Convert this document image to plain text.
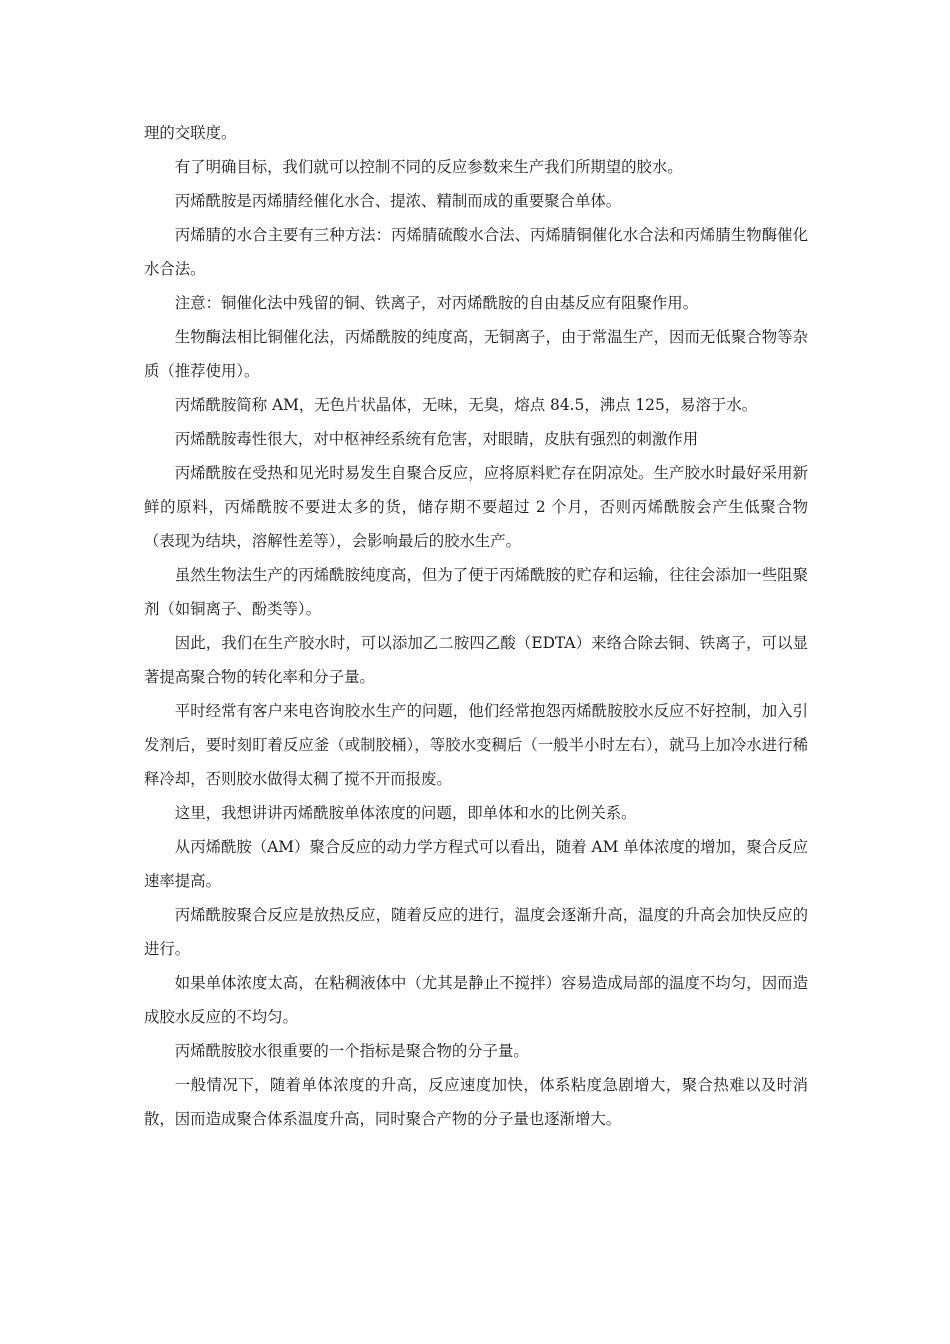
理的交联度。

有了明确目标，我们就可以控制不同的反应参数来生产我们所期望的胶水。

丙烯酰胺是丙烯腈经催化水合、提浓、精制而成的重要聚合单体。

丙烯腈的水合主要有三种方法：丙烯腈硫酸水合法、丙烯腈铜催化水合法和丙烯腈生物酶催化水合法。

注意：铜催化法中残留的铜、铁离子，对丙烯酰胺的自由基反应有阻聚作用。

生物酶法相比铜催化法，丙烯酰胺的纯度高，无铜离子，由于常温生产，因而无低聚合物等杂质（推荐使用）。

丙烯酰胺简称 AM，无色片状晶体，无味，无臭，熔点 84.5，沸点 125，易溶于水。

丙烯酰胺毒性很大，对中枢神经系统有危害，对眼睛，皮肤有强烈的刺激作用

丙烯酰胺在受热和见光时易发生自聚合反应，应将原料贮存在阴凉处。生产胶水时最好采用新鲜的原料，丙烯酰胺不要进太多的货，储存期不要超过 2 个月，否则丙烯酰胺会产生低聚合物（表现为结块，溶解性差等），会影响最后的胶水生产。

虽然生物法生产的丙烯酰胺纯度高，但为了便于丙烯酰胺的贮存和运输，往往会添加一些阻聚剂（如铜离子、酚类等）。

因此，我们在生产胶水时，可以添加乙二胺四乙酸（EDTA）来络合除去铜、铁离子，可以显著提高聚合物的转化率和分子量。

平时经常有客户来电咨询胶水生产的问题，他们经常抱怨丙烯酰胺胶水反应不好控制，加入引发剂后，要时刻盯着反应釜（或制胶桶），等胶水变稠后（一般半小时左右），就马上加冷水进行稀释冷却，否则胶水做得太稠了搅不开而报废。

这里，我想讲讲丙烯酰胺单体浓度的问题，即单体和水的比例关系。

从丙烯酰胺（AM）聚合反应的动力学方程式可以看出，随着 AM 单体浓度的增加，聚合反应速率提高。

丙烯酰胺聚合反应是放热反应，随着反应的进行，温度会逐渐升高，温度的升高会加快反应的进行。

如果单体浓度太高，在粘稠液体中（尤其是静止不搅拌）容易造成局部的温度不均匀，因而造成胶水反应的不均匀。

丙烯酰胺胶水很重要的一个指标是聚合物的分子量。

一般情况下，随着单体浓度的升高，反应速度加快，体系粘度急剧增大，聚合热难以及时消散，因而造成聚合体系温度升高，同时聚合产物的分子量也逐渐增大。
